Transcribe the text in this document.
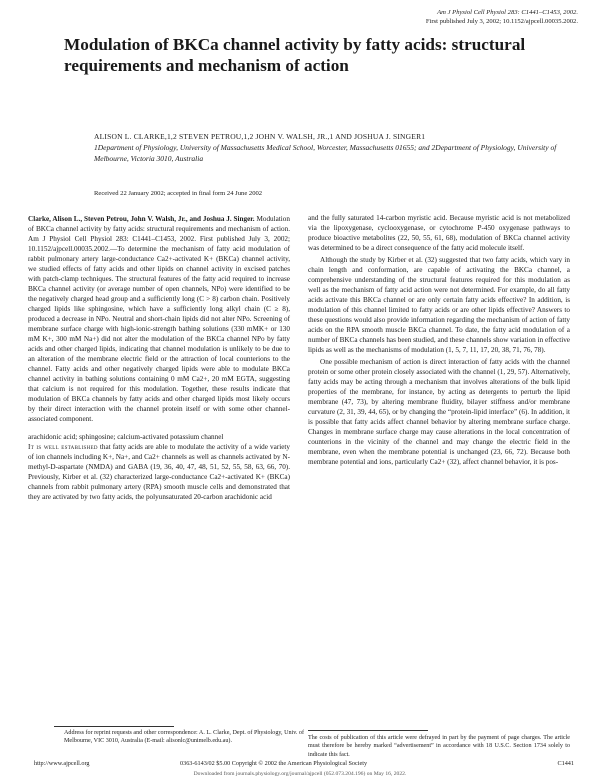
Am J Physiol Cell Physiol 283: C1441–C1453, 2002.
First published July 3, 2002; 10.1152/ajpcell.00035.2002.
Modulation of BKCa channel activity by fatty acids: structural requirements and mechanism of action
ALISON L. CLARKE,1,2 STEVEN PETROU,1,2 JOHN V. WALSH, JR.,1 AND JOSHUA J. SINGER1
1Department of Physiology, University of Massachusetts Medical School, Worcester, Massachusetts 01655; and 2Department of Physiology, University of Melbourne, Victoria 3010, Australia
Received 22 January 2002; accepted in final form 24 June 2002

Clarke, Alison L., Steven Petrou, John V. Walsh, Jr., and Joshua J. Singer. Modulation of BKCa channel activity by fatty acids: structural requirements and mechanism of action. Am J Physiol Cell Physiol 283: C1441–C1453, 2002. First published July 3, 2002; 10.1152/ajpcell.00035.2002.—To determine the mechanism of fatty acid modulation of rabbit pulmonary artery large-conductance Ca2+-activated K+ (BKCa) channel activity, we studied effects of fatty acids and other lipids on channel activity in excised patches with patch-clamp techniques. The structural features of the fatty acid required to increase BKCa channel activity (or average number of open channels, NPo) were identified to be the negatively charged head group and a sufficiently long (C > 8) carbon chain. Positively charged lipids like sphingosine, which have a sufficiently long alkyl chain (C ≥ 8), produced a decrease in NPo. Neutral and short-chain lipids did not alter NPo. Screening of membrane surface charge with high-ionic-strength bathing solutions (330 mMK+ or 130 mM K+, 300 mM Na+) did not alter the modulation of the BKCa channel NPo by fatty acids and other charged lipids, indicating that channel modulation is unlikely to be due to an alteration of the membrane electric field or the attraction of local counterions to the channel. Fatty acids and other negatively charged lipids were able to modulate BKCa channel activity in bathing solutions containing 0 mM Ca2+, 20 mM EGTA, suggesting that calcium is not required for this modulation. Together, these results indicate that modulation of BKCa channels by fatty acids and other charged lipids most likely occurs by their direct interaction with the channel protein itself or with some other channel-associated component.

arachidonic acid; sphingosine; calcium-activated potassium channel

It is well established that fatty acids are able to modulate the activity of a wide variety of ion channels including K+, Na+, and Ca2+ channels as well as channels activated by N-methyl-D-aspartate (NMDA) and GABA (19, 36, 40, 47, 48, 51, 52, 55, 58, 63, 66, 70). Previously, Kirber et al. (32) characterized large-conductance Ca2+-activated K+ (BKCa) channels from rabbit pulmonary artery (RPA) smooth muscle cells and demonstrated that they are activated by two fatty acids, the polyunsaturated 20-carbon arachidonic acid

and the fully saturated 14-carbon myristic acid. Because myristic acid is not metabolized via the lipoxygenase, cyclooxygenase, or cytochrome P-450 oxygenase pathways to produce bioactive metabolites (22, 50, 55, 61, 68), modulation of BKCa channel activity was determined to be a direct consequence of the fatty acid molecule itself.

Although the study by Kirber et al. (32) suggested that two fatty acids, which vary in chain length and conformation, are capable of activating the BKCa channel, a comprehensive understanding of the structural features required for this modulation as well as the mechanism of fatty acid action were not determined. For example, do all fatty acids activate this BKCa channel or are only certain fatty acids effective? In addition, is modulation of this channel limited to fatty acids or are other lipids effective? Answers to these questions would also provide information regarding the mechanism of action of fatty acids on the RPA smooth muscle BKCa channel. To date, the fatty acid modulation of a number of BKCa channels has been studied, and these channels show variation in effective lipids as well as the mechanisms of modulation (1, 5, 7, 11, 17, 20, 38, 71, 76, 78).

One possible mechanism of action is direct interaction of fatty acids with the channel protein or some other protein closely associated with the channel (1, 29, 57). Alternatively, fatty acids may be acting through a mechanism that involves alterations of the bulk lipid properties of the membrane, for instance, by acting as detergents to perturb the lipid membrane (47, 73), by altering membrane fluidity, bilayer stiffness and/or membrane curvature (2, 31, 39, 44, 65), or by changing the “protein-lipid interface” (6). In addition, it is possible that fatty acids affect channel behavior by altering membrane surface charge. Changes in membrane surface charge may cause alterations in the local concentration of counterions in the vicinity of the channel and may change the electric field in the membrane, even when the membrane potential is unchanged (23, 66, 72). Because both membrane potential and ions, particularly Ca2+ (32), affect channel behavior, it is pos-

Address for reprint requests and other correspondence: A. L. Clarke, Dept. of Physiology, Univ. of Melbourne, VIC 3010, Australia (E-mail: alisonlc@unimelb.edu.au).
The costs of publication of this article were defrayed in part by the payment of page charges. The article must therefore be hereby marked “advertisement” in accordance with 18 U.S.C. Section 1734 solely to indicate this fact.
http://www.ajpcell.org	0363-6143/02 $5.00 Copyright © 2002 the American Physiological Society	C1441
Downloaded from journals.physiology.org/journal/ajpcell (052.073.204.196) on May 16, 2022.
